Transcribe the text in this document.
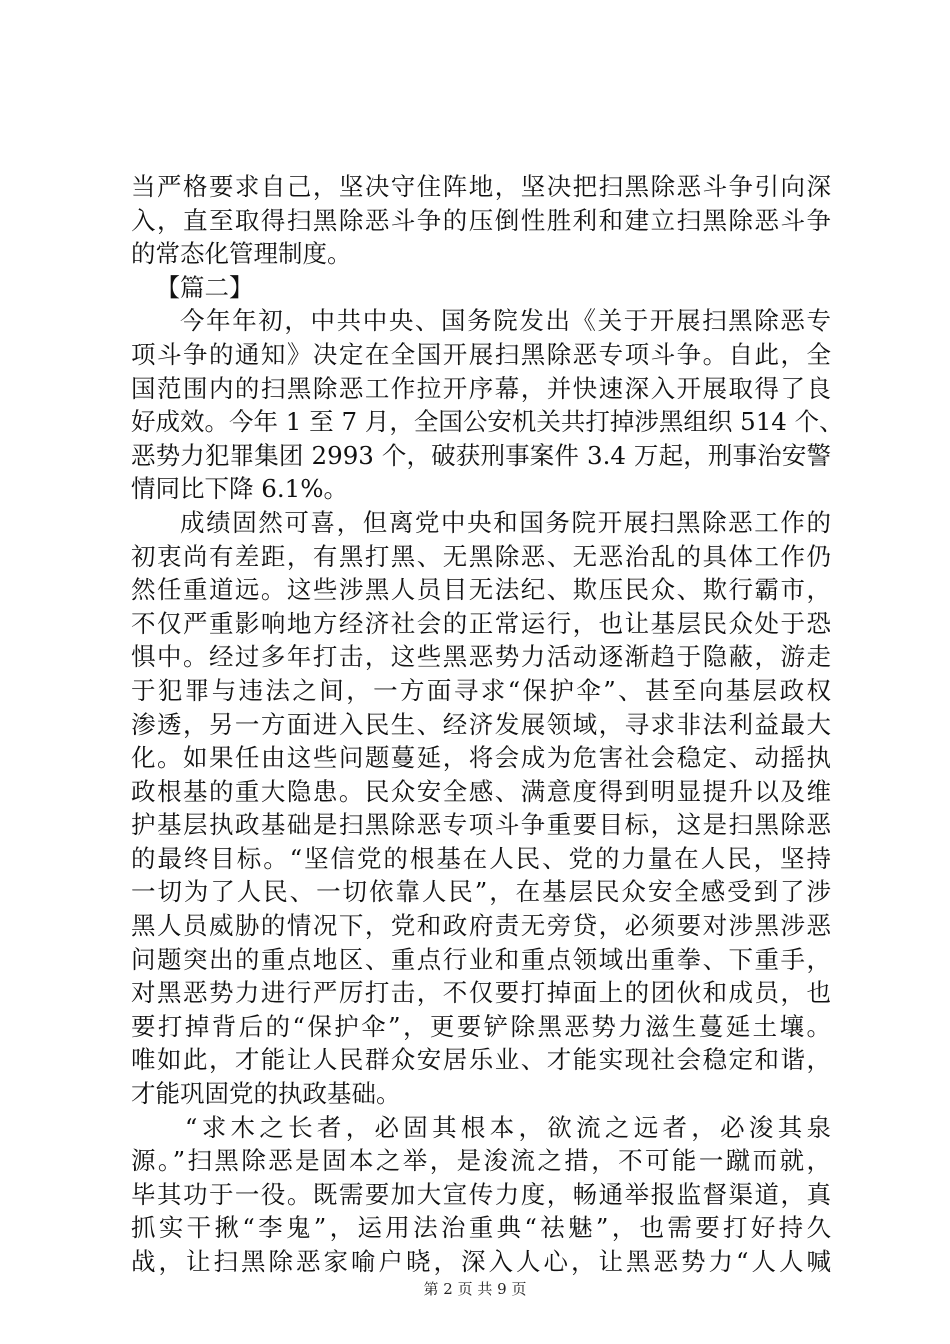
当严格要求自己，坚决守住阵地，坚决把扫黑除恶斗争引向深
入，直至取得扫黑除恶斗争的压倒性胜利和建立扫黑除恶斗争
的常态化管理制度。
【篇二】
今年年初，中共中央、国务院发出《关于开展扫黑除恶专
项斗争的通知》决定在全国开展扫黑除恶专项斗争。自此，全
国范围内的扫黑除恶工作拉开序幕，并快速深入开展取得了良
好成效。今年 1 至 7 月，全国公安机关共打掉涉黑组织 514 个、
恶势力犯罪集团 2993 个，破获刑事案件 3.4 万起，刑事治安警
情同比下降 6.1%。
成绩固然可喜，但离党中央和国务院开展扫黑除恶工作的
初衷尚有差距，有黑打黑、无黑除恶、无恶治乱的具体工作仍
然任重道远。这些涉黑人员目无法纪、欺压民众、欺行霸市，
不仅严重影响地方经济社会的正常运行，也让基层民众处于恐
惧中。经过多年打击，这些黑恶势力活动逐渐趋于隐蔽，游走
于犯罪与违法之间，一方面寻求“保护伞”、甚至向基层政权
渗透，另一方面进入民生、经济发展领域，寻求非法利益最大
化。如果任由这些问题蔓延，将会成为危害社会稳定、动摇执
政根基的重大隐患。民众安全感、满意度得到明显提升以及维
护基层执政基础是扫黑除恶专项斗争重要目标，这是扫黑除恶
的最终目标。“坚信党的根基在人民、党的力量在人民，坚持
一切为了人民、一切依靠人民”，在基层民众安全感受到了涉
黑人员威胁的情况下，党和政府责无旁贷，必须要对涉黑涉恶
问题突出的重点地区、重点行业和重点领域出重拳、下重手，
对黑恶势力进行严厉打击，不仅要打掉面上的团伙和成员，也
要打掉背后的“保护伞”，更要铲除黑恶势力滋生蔓延土壤。
唯如此，才能让人民群众安居乐业、才能实现社会稳定和谐，
才能巩固党的执政基础。
“求木之长者，必固其根本，欲流之远者，必浚其泉
源。”扫黑除恶是固本之举，是浚流之措，不可能一蹴而就，
毕其功于一役。既需要加大宣传力度，畅通举报监督渠道，真
抓实干揪“李鬼”，运用法治重典“祛魅”，也需要打好持久
战，让扫黑除恶家喻户晓，深入人心，让黑恶势力“人人喊
第 2 页 共 9 页
